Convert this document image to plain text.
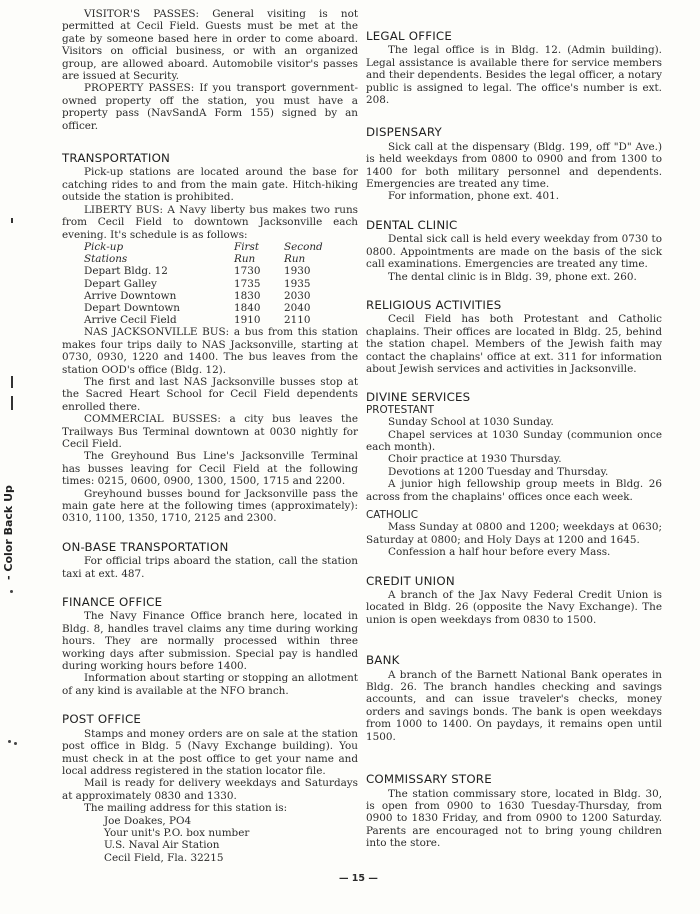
- Color Back Up

VISITOR'S PASSES: General visiting is not permitted at Cecil Field. Guests must be met at the gate by someone based here in order to come aboard. Visitors on official business, or with an organized group, are allowed aboard. Automobile visitor's passes are issued at Security.

PROPERTY PASSES: If you transport government-owned property off the station, you must have a property pass (NavSandA Form 155) signed by an officer.

TRANSPORTATION

Pick-up stations are located around the base for catching rides to and from the main gate. Hitch-hiking outside the station is prohibited.

LIBERTY BUS: A Navy liberty bus makes two runs from Cecil Field to downtown Jacksonville each evening. It's schedule is as follows:

Pick-up	First	Second
Stations	Run	Run
Depart Bldg. 12	1730	1930
Depart Galley	1735	1935
Arrive Downtown	1830	2030
Depart Downtown	1840	2040
Arrive Cecil Field	1910	2110

NAS JACKSONVILLE BUS: a bus from this station makes four trips daily to NAS Jacksonville, starting at 0730, 0930, 1220 and 1400. The bus leaves from the station OOD's office (Bldg. 12).

The first and last NAS Jacksonville busses stop at the Sacred Heart School for Cecil Field dependents enrolled there.

COMMERCIAL BUSSES: a city bus leaves the Trailways Bus Terminal downtown at 0030 nightly for Cecil Field.

The Greyhound Bus Line's Jacksonville Terminal has busses leaving for Cecil Field at the following times: 0215, 0600, 0900, 1300, 1500, 1715 and 2200.

Greyhound busses bound for Jacksonville pass the main gate here at the following times (approximately): 0310, 1100, 1350, 1710, 2125 and 2300.

ON-BASE TRANSPORTATION

For official trips aboard the station, call the station taxi at ext. 487.

FINANCE OFFICE

The Navy Finance Office branch here, located in Bldg. 8, handles travel claims any time during working hours. They are normally processed within three working days after submission. Special pay is handled during working hours before 1400.

Information about starting or stopping an allotment of any kind is available at the NFO branch.

POST OFFICE

Stamps and money orders are on sale at the station post office in Bldg. 5 (Navy Exchange building). You must check in at the post office to get your name and local address registered in the station locator file.

Mail is ready for delivery weekdays and Saturdays at approximately 0830 and 1330.

The mailing address for this station is:

Joe Doakes, PO4
Your unit's P.O. box number
U.S. Naval Air Station
Cecil Field, Fla. 32215
LEGAL OFFICE

The legal office is in Bldg. 12. (Admin building). Legal assistance is available there for service members and their dependents. Besides the legal officer, a notary public is assigned to legal. The office's number is ext. 208.

DISPENSARY

Sick call at the dispensary (Bldg. 199, off "D" Ave.) is held weekdays from 0800 to 0900 and from 1300 to 1400 for both military personnel and dependents. Emergencies are treated any time.

For information, phone ext. 401.

DENTAL CLINIC

Dental sick call is held every weekday from 0730 to 0800. Appointments are made on the basis of the sick call examinations. Emergencies are treated any time.

The dental clinic is in Bldg. 39, phone ext. 260.

RELIGIOUS ACTIVITIES

Cecil Field has both Protestant and Catholic chaplains. Their offices are located in Bldg. 25, behind the station chapel. Members of the Jewish faith may contact the chaplains' office at ext. 311 for information about Jewish services and activities in Jacksonville.

DIVINE SERVICES
PROTESTANT

Sunday School at 1030 Sunday.

Chapel services at 1030 Sunday (communion once each month).

Choir practice at 1930 Thursday.

Devotions at 1200 Tuesday and Thursday.

A junior high fellowship group meets in Bldg. 26 across from the chaplains' offices once each week.

CATHOLIC

Mass Sunday at 0800 and 1200; weekdays at 0630; Saturday at 0800; and Holy Days at 1200 and 1645.

Confession a half hour before every Mass.

CREDIT UNION

A branch of the Jax Navy Federal Credit Union is located in Bldg. 26 (opposite the Navy Exchange). The union is open weekdays from 0830 to 1500.

BANK

A branch of the Barnett National Bank operates in Bldg. 26. The branch handles checking and savings accounts, and can issue traveler's checks, money orders and savings bonds. The bank is open weekdays from 1000 to 1400. On paydays, it remains open until 1500.

COMMISSARY STORE

The station commissary store, located in Bldg. 30, is open from 0900 to 1630 Tuesday-Thursday, from 0900 to 1830 Friday, and from 0900 to 1200 Saturday. Parents are encouraged not to bring young children into the store.

— 15 —
